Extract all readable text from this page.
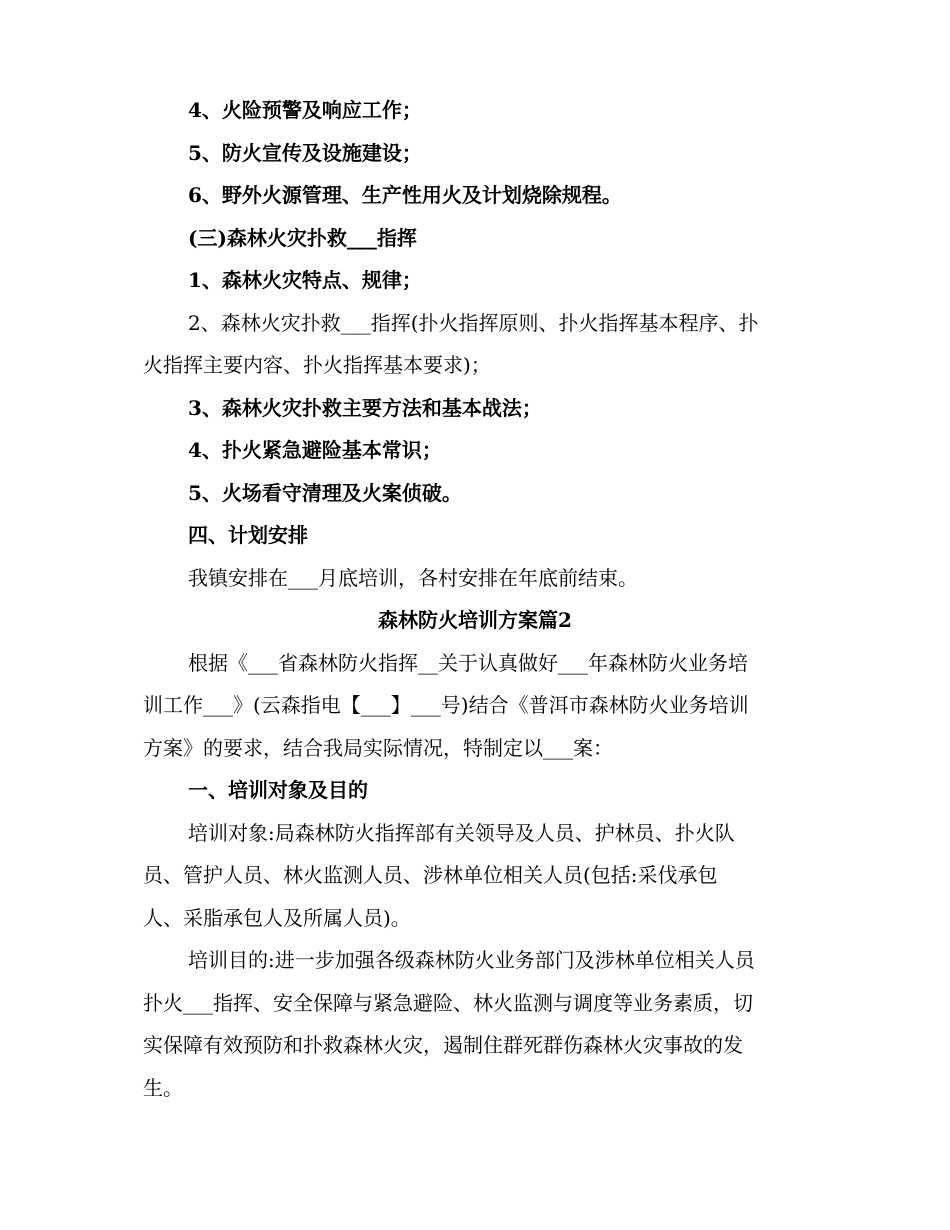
4、火险预警及响应工作；
5、防火宣传及设施建设；
6、野外火源管理、生产性用火及计划烧除规程。
(三)森林火灾扑救___指挥
1、森林火灾特点、规律；
2、森林火灾扑救___指挥(扑火指挥原则、扑火指挥基本程序、扑
火指挥主要内容、扑火指挥基本要求)；
3、森林火灾扑救主要方法和基本战法；
4、扑火紧急避险基本常识；
5、火场看守清理及火案侦破。
四、计划安排
我镇安排在___月底培训，各村安排在年底前结束。
森林防火培训方案篇2
根据《___省森林防火指挥__关于认真做好___年森林防火业务培
训工作___》(云森指电【___】___号)结合《普洱市森林防火业务培训
方案》的要求，结合我局实际情况，特制定以___案：
一、培训对象及目的
培训对象:局森林防火指挥部有关领导及人员、护林员、扑火队
员、管护人员、林火监测人员、涉林单位相关人员(包括:采伐承包
人、采脂承包人及所属人员)。
培训目的:进一步加强各级森林防火业务部门及涉林单位相关人员
扑火___指挥、安全保障与紧急避险、林火监测与调度等业务素质，切
实保障有效预防和扑救森林火灾，遏制住群死群伤森林火灾事故的发
生。
